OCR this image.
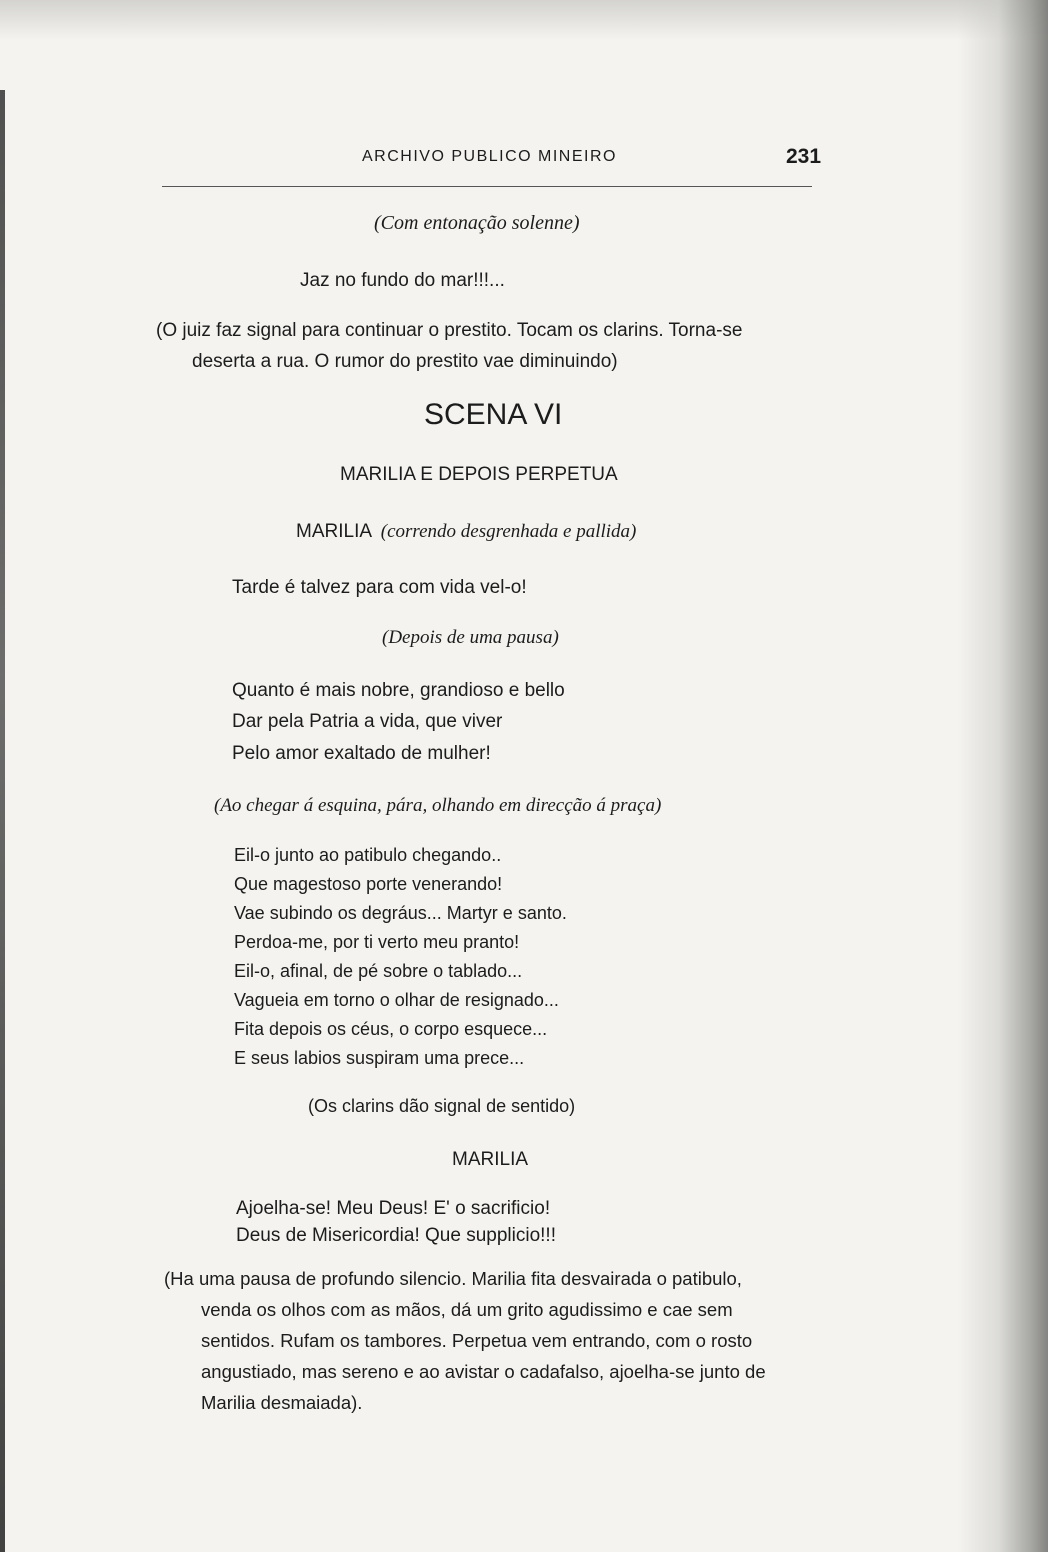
ARCHIVO PUBLICO MINEIRO	231
(Com entonação solenne)
Jaz no fundo do mar!!!...
(O juiz faz signal para continuar o prestito. Tocam os clarins. Torna-se
deserta a rua. O rumor do prestito vae diminuindo)
SCENA VI
MARILIA E DEPOIS PERPETUA
MARILIA (correndo desgrenhada e pallida)
Tarde é talvez para com vida vel-o!
(Depois de uma pausa)
Quanto é mais nobre, grandioso e bello
Dar pela Patria a vida, que viver
Pelo amor exaltado de mulher!
(Ao chegar á esquina, pára, olhando em direcção á praça)
Eil-o junto ao patibulo chegando..
Que magestoso porte venerando!
Vae subindo os degráus... Martyr e santo.
Perdoa-me, por ti verto meu pranto!
Eil-o, afinal, de pé sobre o tablado...
Vagueia em torno o olhar de resignado...
Fita depois os céus, o corpo esquece...
E seus labios suspiram uma prece...
(Os clarins dão signal de sentido)
MARILIA
Ajoelha-se! Meu Deus! E' o sacrificio!
Deus de Misericordia! Que supplicio!!!
(Ha uma pausa de profundo silencio. Marilia fita desvairada o patibulo,
venda os olhos com as mãos, dá um grito agudissimo e cae sem
sentidos. Rufam os tambores. Perpetua vem entrando, com o rosto
angustiado, mas sereno e ao avistar o cadafalso, ajoelha-se junto de
Marilia desmaiada).
